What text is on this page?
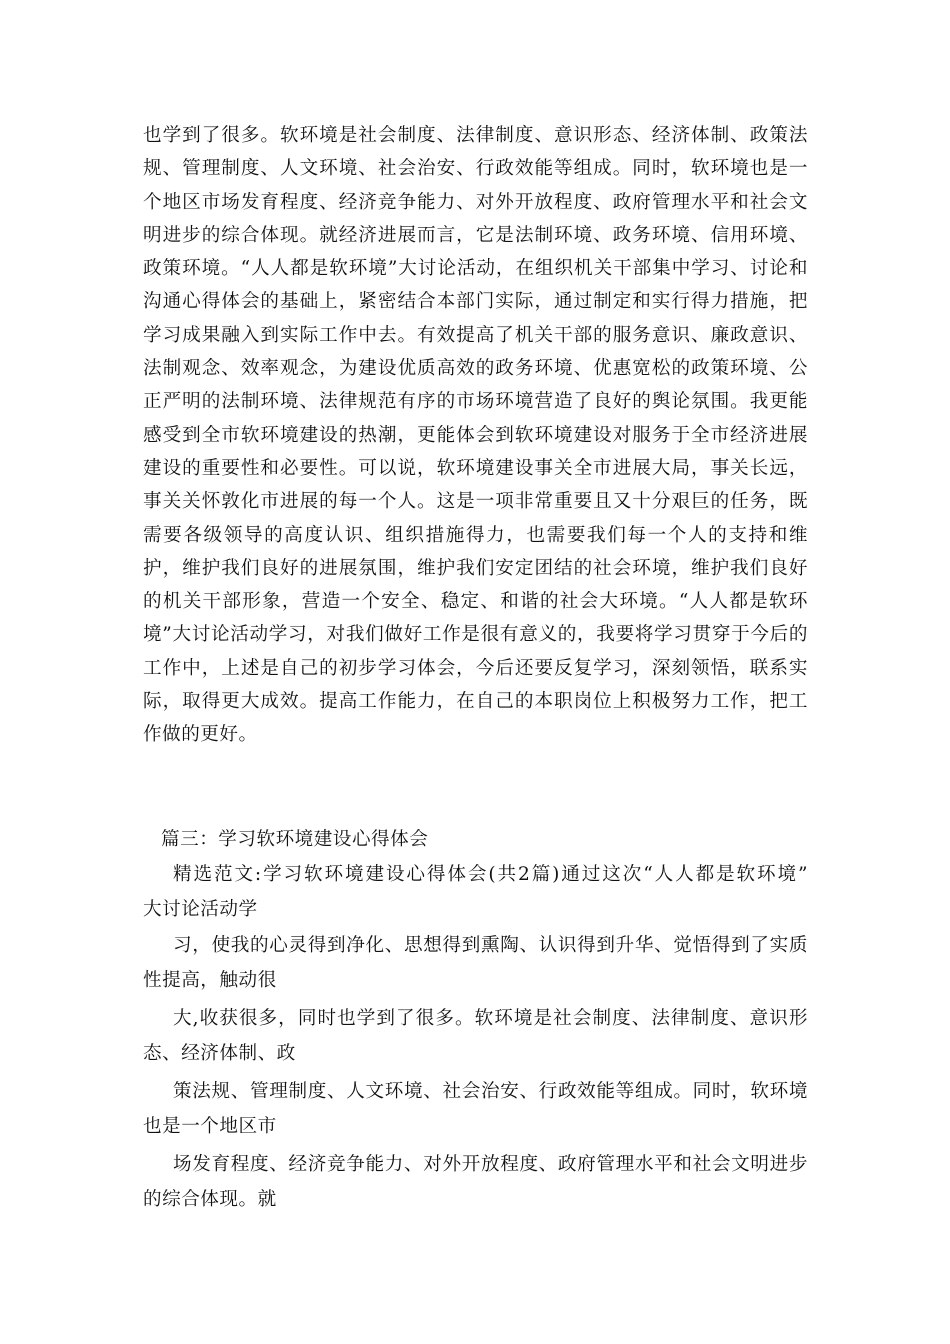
也学到了很多。软环境是社会制度、法律制度、意识形态、经济体制、政策法规、管理制度、人文环境、社会治安、行政效能等组成。同时，软环境也是一个地区市场发育程度、经济竞争能力、对外开放程度、政府管理水平和社会文明进步的综合体现。就经济进展而言，它是法制环境、政务环境、信用环境、政策环境。“人人都是软环境”大讨论活动，在组织机关干部集中学习、讨论和沟通心得体会的基础上，紧密结合本部门实际，通过制定和实行得力措施，把学习成果融入到实际工作中去。有效提高了机关干部的服务意识、廉政意识、法制观念、效率观念，为建设优质高效的政务环境、优惠宽松的政策环境、公正严明的法制环境、法律规范有序的市场环境营造了良好的舆论氛围。我更能感受到全市软环境建设的热潮，更能体会到软环境建设对服务于全市经济进展建设的重要性和必要性。可以说，软环境建设事关全市进展大局，事关长远，事关关怀敦化市进展的每一个人。这是一项非常重要且又十分艰巨的任务，既需要各级领导的高度认识、组织措施得力，也需要我们每一个人的支持和维护，维护我们良好的进展氛围，维护我们安定团结的社会环境，维护我们良好的机关干部形象，营造一个安全、稳定、和谐的社会大环境。“人人都是软环境”大讨论活动学习，对我们做好工作是很有意义的，我要将学习贯穿于今后的工作中，上述是自己的初步学习体会，今后还要反复学习，深刻领悟，联系实际，取得更大成效。提高工作能力，在自己的本职岗位上积极努力工作，把工作做的更好。

篇三：学习软环境建设心得体会

精选范文:学习软环境建设心得体会(共2篇)通过这次“人人都是软环境”
大讨论活动学
习，使我的心灵得到净化、思想得到熏陶、认识得到升华、觉悟得到了实质
性提高，触动很
大,收获很多，同时也学到了很多。软环境是社会制度、法律制度、意识形
态、经济体制、政
策法规、管理制度、人文环境、社会治安、行政效能等组成。同时，软环境
也是一个地区市
场发育程度、经济竞争能力、对外开放程度、政府管理水平和社会文明进步
的综合体现。就
